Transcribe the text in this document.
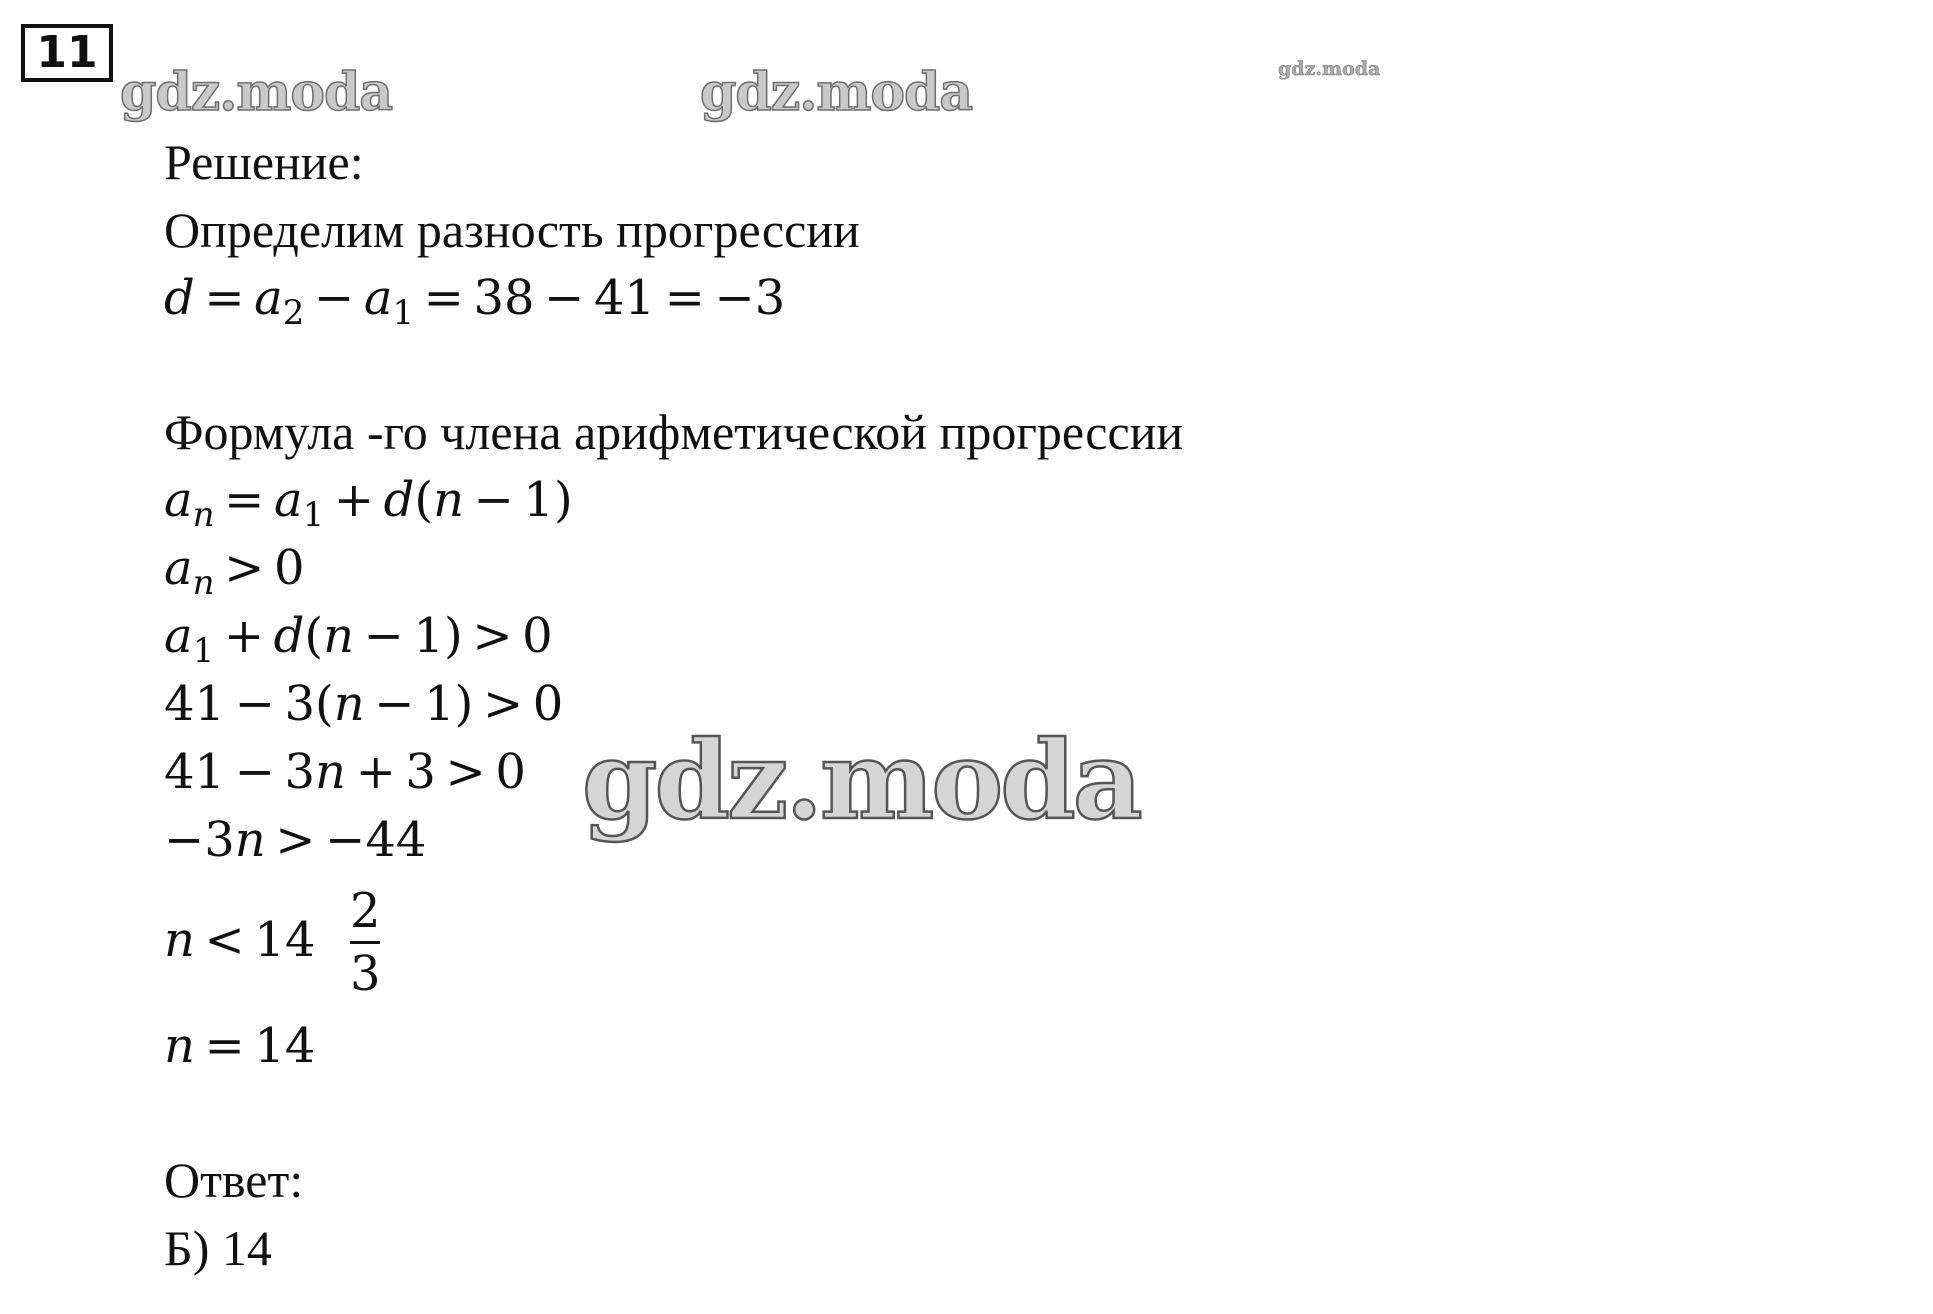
11
gdz.moda	gdz.moda	gdz.moda
gdz.moda
Решение:
Определим разность прогрессии
$d = a_2 - a_1 = 38 - 41 = -3$
Формула -го члена арифметической прогрессии
$a_n = a_1 + d(n - 1)$
$a_n > 0$
$a_1 + d(n - 1) > 0$
41  −  3(n  −  1)  >  0
41  −  3n  +  3  >  0
−3n  >  −44
n  <  14
2
3
n  =  14
Ответ:
Б) 14
